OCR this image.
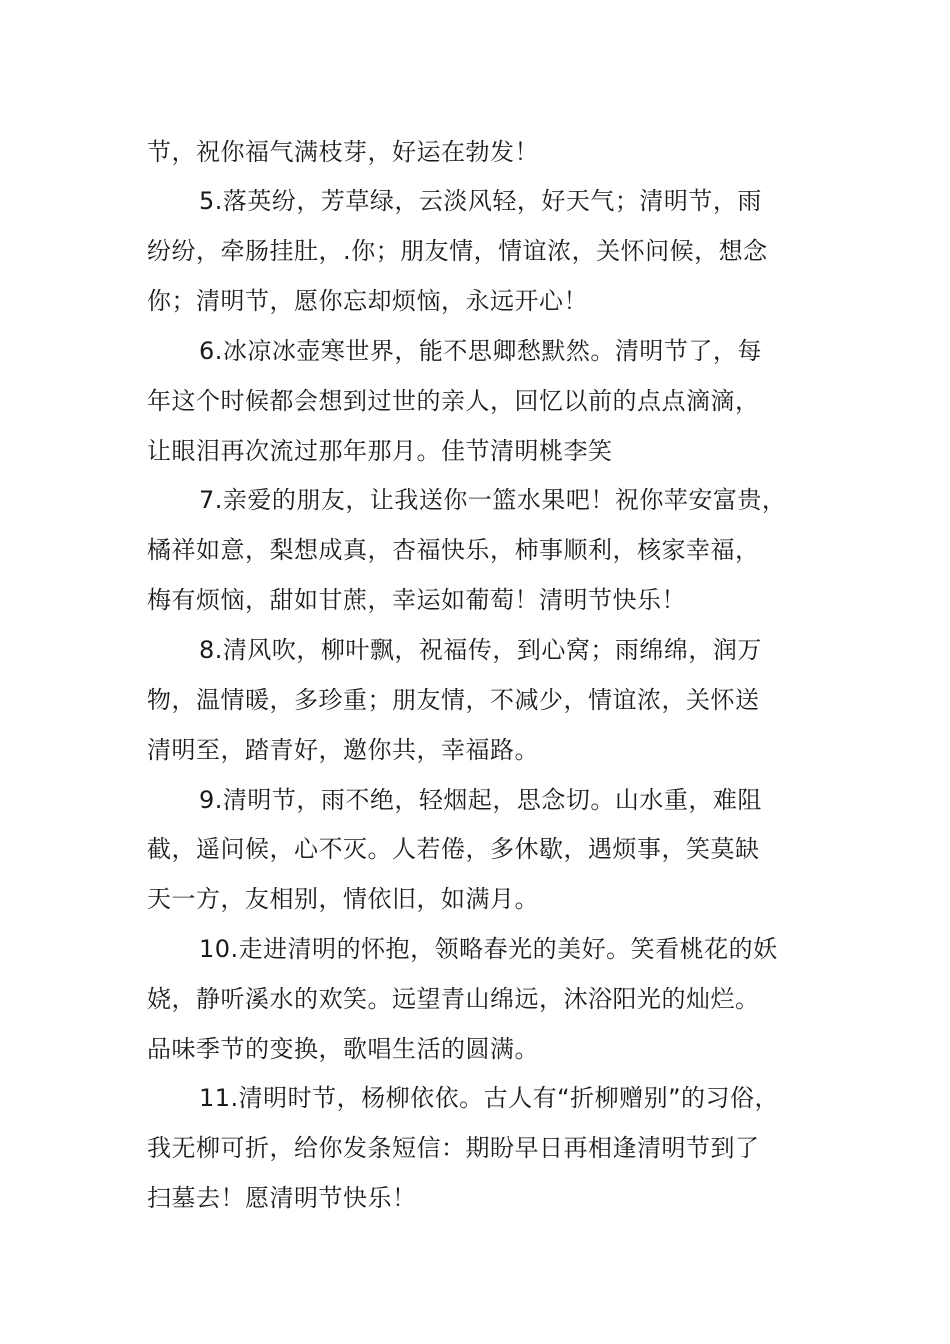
节，祝你福气满枝芽，好运在勃发！
5.落英纷，芳草绿，云淡风轻，好天气；清明节，雨
纷纷，牵肠挂肚，.你；朋友情，情谊浓，关怀问候，想念
你；清明节，愿你忘却烦恼，永远开心！
6.冰凉冰壶寒世界，能不思卿愁默然。清明节了，每
年这个时候都会想到过世的亲人，回忆以前的点点滴滴，
让眼泪再次流过那年那月。佳节清明桃李笑
7.亲爱的朋友，让我送你一篮水果吧！祝你苹安富贵，
橘祥如意，梨想成真，杏福快乐，柿事顺利，核家幸福，
梅有烦恼，甜如甘蔗，幸运如葡萄！清明节快乐！
8.清风吹，柳叶飘，祝福传，到心窝；雨绵绵，润万
物，温情暖，多珍重；朋友情，不减少，情谊浓，关怀送
清明至，踏青好，邀你共，幸福路。
9.清明节，雨不绝，轻烟起，思念切。山水重，难阻
截，遥问候，心不灭。人若倦，多休歇，遇烦事，笑莫缺
天一方，友相别，情依旧，如满月。
10.走进清明的怀抱，领略春光的美好。笑看桃花的妖
娆，静听溪水的欢笑。远望青山绵远，沐浴阳光的灿烂。
品味季节的变换，歌唱生活的圆满。
11.清明时节，杨柳依依。古人有“折柳赠别”的习俗，
我无柳可折，给你发条短信：期盼早日再相逢清明节到了
扫墓去！愿清明节快乐！
